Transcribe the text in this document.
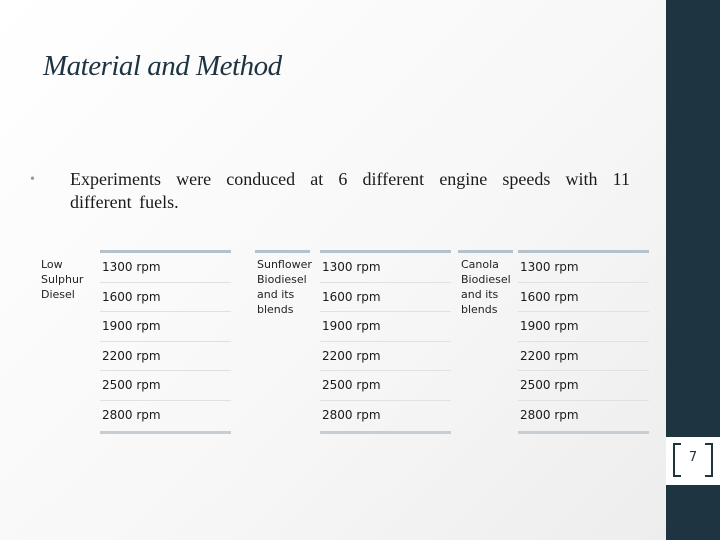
7
Material and Method
• Experiments were conduced at 6 different engine speeds with 11 different fuels.
Low
Sulphur
Diesel
1300 rpm
1600 rpm
1900 rpm
2200 rpm
2500 rpm
2800 rpm
Sunflower
Biodiesel
and its
blends
1300 rpm
1600 rpm
1900 rpm
2200 rpm
2500 rpm
2800 rpm
Canola
Biodiesel
and its
blends
1300 rpm
1600 rpm
1900 rpm
2200 rpm
2500 rpm
2800 rpm
